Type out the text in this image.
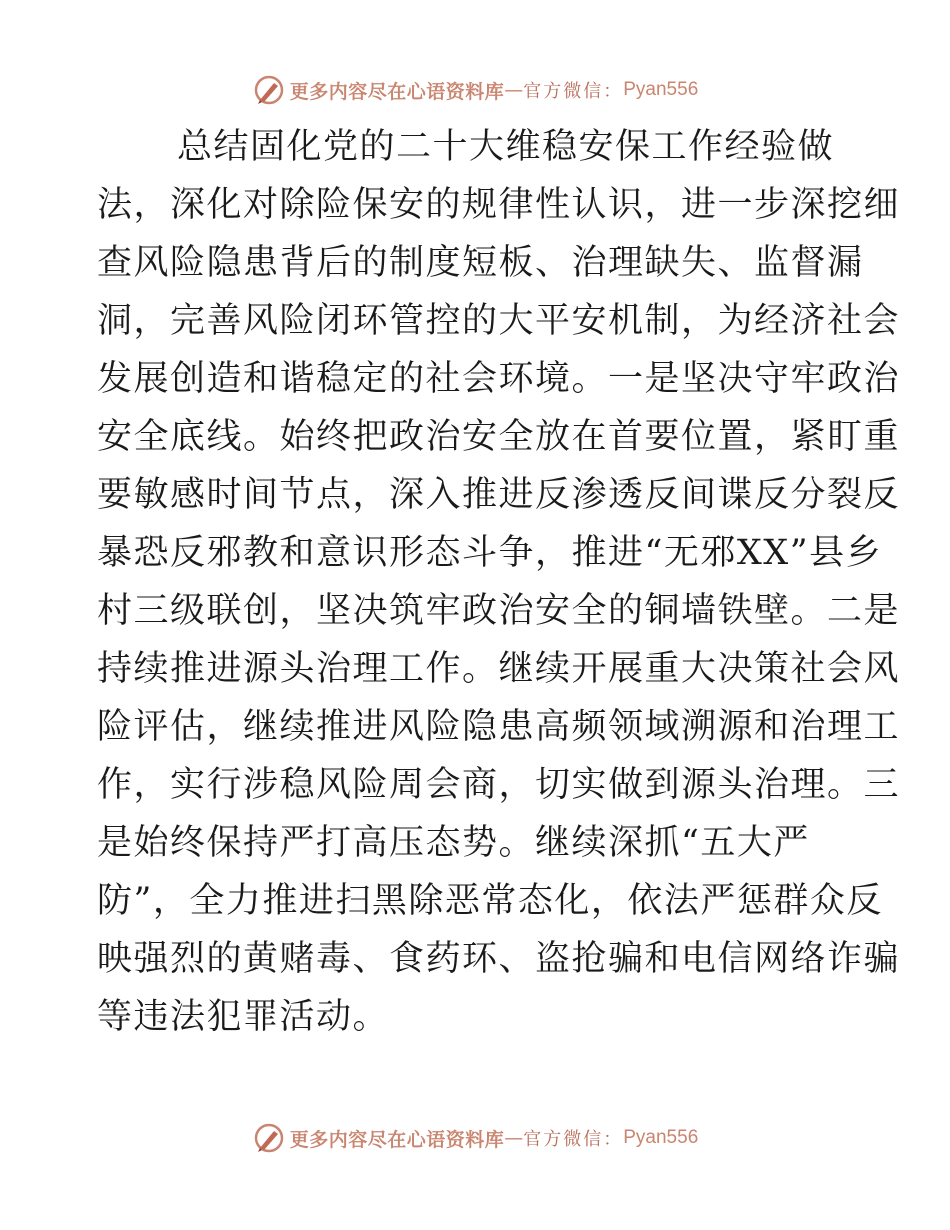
更多内容尽在心语资料库 — 官方微信： Pyan556

总结固化党的二十大维稳安保工作经验做

法，深化对除险保安的规律性认识，进一步深挖细

查风险隐患背后的制度短板、治理缺失、监督漏

洞，完善风险闭环管控的大平安机制，为经济社会

发展创造和谐稳定的社会环境。一是坚决守牢政治

安全底线。始终把政治安全放在首要位置，紧盯重

要敏感时间节点，深入推进反渗透反间谍反分裂反

暴恐反邪教和意识形态斗争，推进“无邪XX”县乡

村三级联创，坚决筑牢政治安全的铜墙铁壁。二是

持续推进源头治理工作。继续开展重大决策社会风

险评估，继续推进风险隐患高频领域溯源和治理工

作，实行涉稳风险周会商，切实做到源头治理。三

是始终保持严打高压态势。继续深抓“五大严

防”，全力推进扫黑除恶常态化，依法严惩群众反

映强烈的黄赌毒、食药环、盗抢骗和电信网络诈骗

等违法犯罪活动。

更多内容尽在心语资料库 — 官方微信： Pyan556
